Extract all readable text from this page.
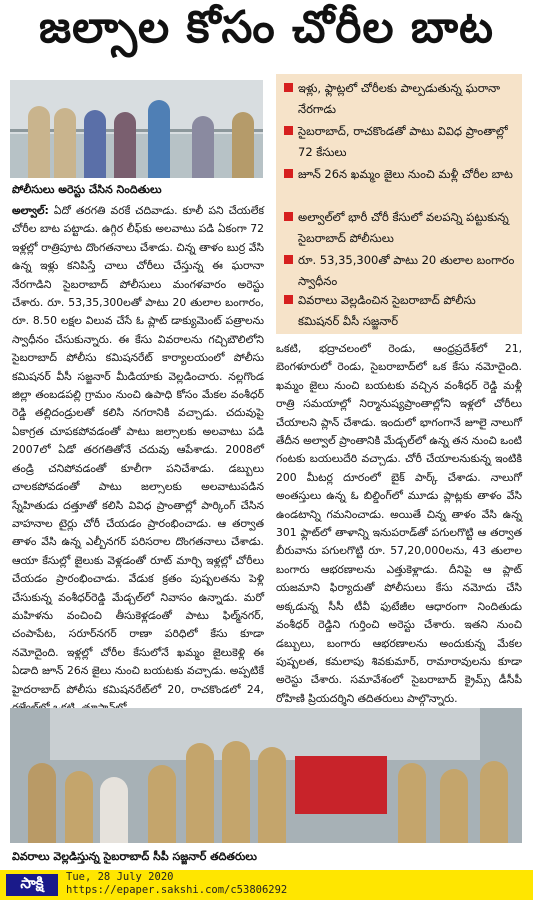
జల్సాల కోసం చోరీల బాట
పోలీసులు అరెస్టు చేసిన నిందితులు
ఇళ్లు, ఫ్లాట్లలో చోరీలకు పాల్పడుతున్న ఘరానా నేరగాడు
సైబరాబాద్, రాచకొండతో పాటు వివిధ ప్రాంతాల్లో 72 కేసులు
జూన్ 26న ఖమ్మం జైలు నుంచి మళ్లీ చోరీల బాట
అల్వాల్‌లో భారీ చోరీ కేసులో వలపన్ని పట్టుకున్న సైబరాబాద్ పోలీసులు
రూ. 53,35,300తో పాటు 20 తులాల బంగారం స్వాధీనం
వివరాలు వెల్లడించిన సైబరాబాద్ పోలీసు కమిషనర్ వీసీ సజ్జనార్

అల్వాల్: ఏదో తరగతి వరకే చదివాడు. కూలీ పని చేయలేక చోరీల బాట పట్టాడు. ఉగ్గిర లీఫ్‌కు అలవాటు పడి ఏకంగా 72 ఇళ్లల్లో రాత్రిపూట దొంగతనాలు చేశాడు. చిన్న తాళం బుర్ర వేసి ఉన్న ఇళ్లు కనిపిస్తే చాలు చోరీలు చేస్తున్న ఈ ఘరానా నేరగాడిని సైబరాబాద్ పోలీసులు మంగళవారం అరెస్టు చేశారు. రూ. 53,35,300లతో పాటు 20 తులాల బంగారం, రూ. 8.50 లక్షల విలువ చేసే ఓ ప్లాట్ డాక్యుమెంట్ పత్రాలను స్వాధీనం చేసుకున్నారు. ఈ కేసు వివరాలను గచ్చిబౌలిలోని సైబరాబాద్ పోలీసు కమిషనరేట్ కార్యాలయంలో పోలీసు కమిషనర్ వీసీ సజ్జనార్ మీడియాకు వెల్లడించారు. నల్లగొండ జిల్లా తంబడపల్లి గ్రామం నుంచి ఉపాధి కోసం మేకల వంశీధర్ రెడ్డి తల్లిదండ్రులతో కలిసి నగరానికి వచ్చాడు. చదువుపై ఏకాగ్రత చూపకపోవడంతో పాటు జల్సాలకు అలవాటు పడి 2007లో ఏడో తరగతితోనే చదువు ఆపేశాడు. 2008లో తండ్రి చనిపోవడంతో కూలీగా పనిచేశాడు. డబ్బులు చాలకపోవడంతో పాటు జల్సాలకు అలవాటుపడిన స్నేహితుడు దత్తూతో కలిసి వివిధ ప్రాంతాల్లో పార్కింగ్ చేసిన వాహనాల టైర్లు చోరీ చేయడం ప్రారంభించాడు. ఆ తర్వాత తాళం వేసి ఉన్న ఎల్బీనగర్ పరిసరాల దొంగతనాలు చేశాడు. ఆయా కేసుల్లో జైలుకు వెళ్లడంతో రూట్ మార్చి ఇళ్లల్లో చోరీలు చేయడం ప్రారంభించాడు. వేడుక క్రతం పుష్పలతను పెళ్లి చేసుకున్న వంశీధర్‌రెడ్డి మేడ్చల్‌లో నివాసం ఉన్నాడు. మరో మహిళను వంచించి తీసుకెళ్లడంతో పాటు ఫిల్మ్‌నగర్, చంపాపేట, సరూర్‌నగర్ రాణా పరిధిలో కేసు కూడా నమోదైంది. ఇళ్లల్లో చోరీల కేసులోనే ఖమ్మం జైలుకెళ్లి ఈ ఏడాది జూన్ 26న జైలు నుంచి బయటకు వచ్చాడు. అప్పటికే హైదరాబాద్ పోలీసు కమిషనరేట్‌లో 20, రాచకొండలో 24,

ఒకటి, భద్రాచలంలో రెండు, ఆంధ్రప్రదేశ్‌లో 21, బెంగళూరులో రెండు, సైబరాబాద్‌లో ఒక కేసు నమోదైంది. ఖమ్మం జైలు నుంచి బయటకు వచ్చిన వంశీధర్ రెడ్డి మళ్లీ రాత్రి సమయాల్లో నిర్మానుష్యప్రాంతాల్లోని ఇళ్లలో చోరీలు చేయాలని ప్లాన్ చేశాడు. ఇందులో భాగంగానే జూలై నాలుగో తేదీన అల్వాల్ ప్రాంతానికి మేడ్చల్‌లో ఉన్న తన నుంచి ఒంటి గంటకు బయలుదేరి వచ్చాడు. చోరీ చేయాలనుకున్న ఇంటికి 200 మీటర్ల దూరంలో బైక్ పార్క్ చేశాడు. నాలుగో అంతస్తులు ఉన్న ఓ బిల్డింగ్‌లో మూడు ప్లాట్లకు తాళం వేసి ఉండటాన్ని గమనించాడు. అయితే చిన్న తాళం వేసి ఉన్న 301 ఫ్లాట్‌లో తాళాన్ని ఇనుపరాడ్‌తో పగులగొట్టి ఆ తర్వాత బీరువాను పగులగొట్టి రూ. 57,20,000లను, 43 తులాల బంగారు ఆభరణాలను ఎత్తుకెళ్లాడు. దీనిపై ఆ ప్లాట్ యజమాని ఫిర్యాదుతో పోలీసులు కేసు నమోదు చేసి అక్కడున్న సీసీ టీవీ ఫుటేజీల ఆధారంగా నిందితుడు వంశీధర్ రెడ్డిని గుర్తించి అరెస్టు చేశారు. ఇతని నుంచి డబ్బులు, బంగారు ఆభరణాలను అందుకున్న మేకల పుష్పలత, కమలాపు శివకుమార్, రామారావులను కూడా అరెస్టు చేశారు. సమావేశంలో సైబరాబాద్ క్రైమ్స్ డీసీపీ రోహిణి ప్రియదర్శిని తదితరులు పాల్గొన్నారు.

వివరాలు వెల్లడిస్తున్న సైబరాబాద్ సీపీ సజ్జనార్ తదితరులు
సాక్షి	Tue, 28 July 2020
https://epaper.sakshi.com/c53806292
